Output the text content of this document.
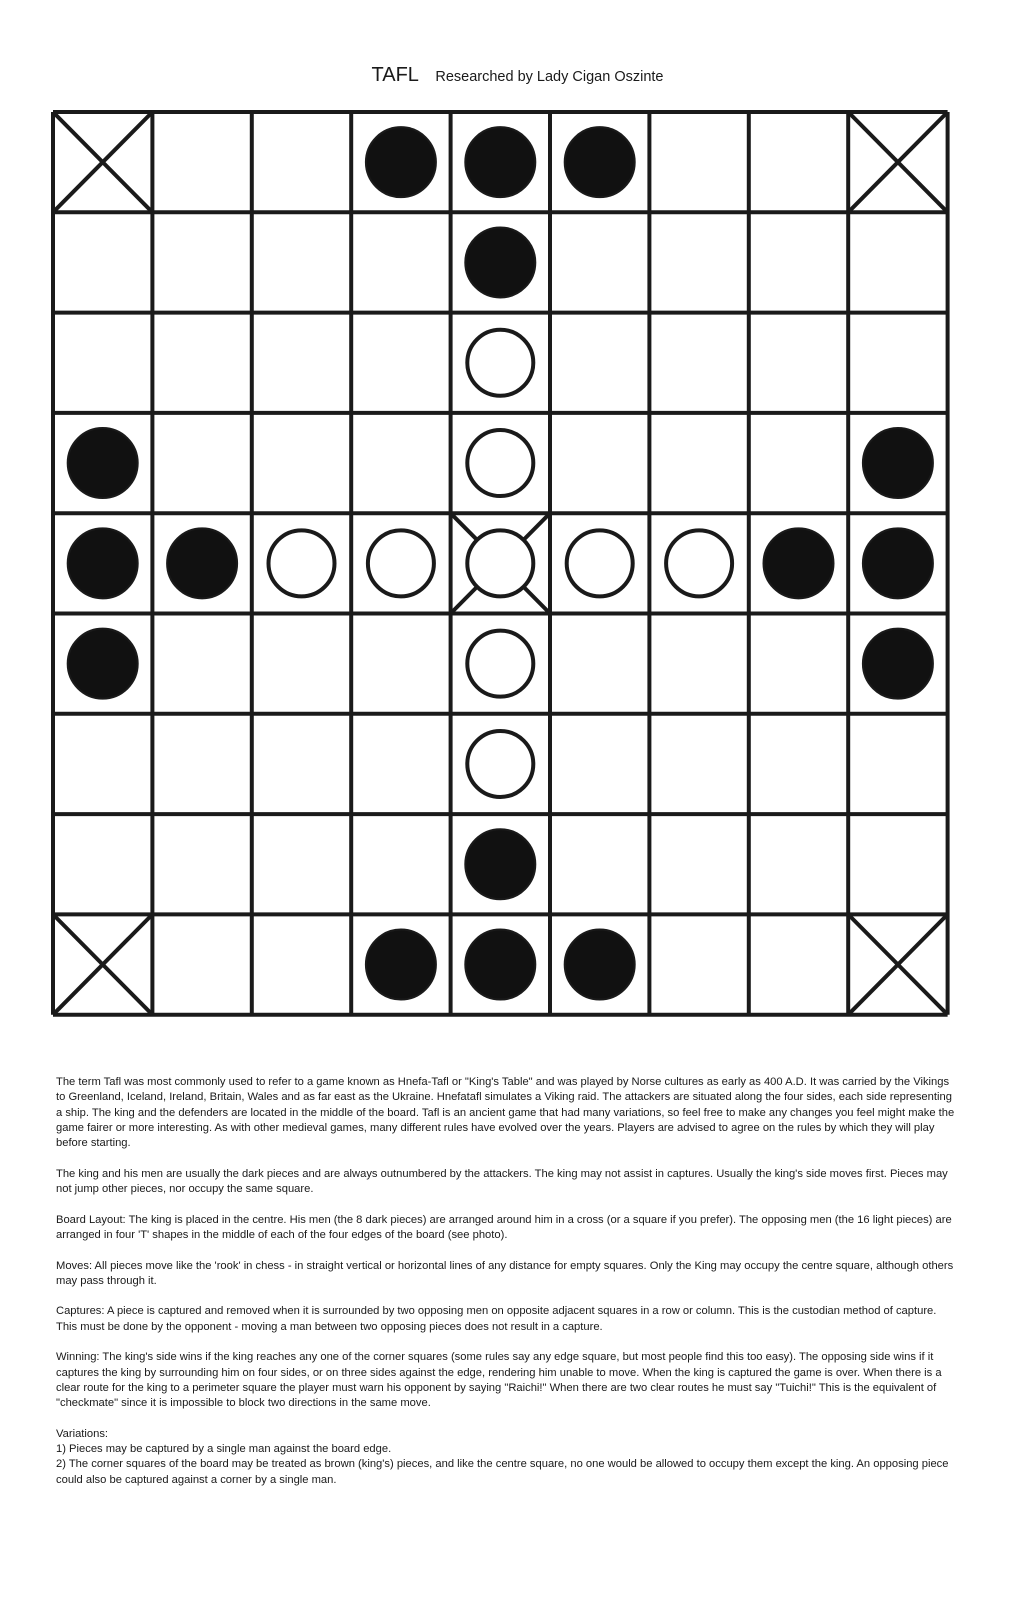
TAFL Researched by Lady Cigan Oszinte

The term Tafl was most commonly used to refer to a game known as Hnefa-Tafl or "King's Table" and was played by Norse cultures as early as 400 A.D. It was carried by the Vikings to Greenland, Iceland, Ireland, Britain, Wales and as far east as the Ukraine. Hnefatafl simulates a Viking raid. The attackers are situated along the four sides, each side representing a ship. The king and the defenders are located in the middle of the board. Tafl is an ancient game that had many variations, so feel free to make any changes you feel might make the game fairer or more interesting. As with other medieval games, many different rules have evolved over the years. Players are advised to agree on the rules by which they will play before starting.

The king and his men are usually the dark pieces and are always outnumbered by the attackers. The king may not assist in captures. Usually the king's side moves first. Pieces may not jump other pieces, nor occupy the same square.

Board Layout: The king is placed in the centre. His men (the 8 dark pieces) are arranged around him in a cross (or a square if you prefer). The opposing men (the 16 light pieces) are arranged in four 'T' shapes in the middle of each of the four edges of the board (see photo).

Moves: All pieces move like the 'rook' in chess - in straight vertical or horizontal lines of any distance for empty squares. Only the King may occupy the centre square, although others may pass through it.

Captures: A piece is captured and removed when it is surrounded by two opposing men on opposite adjacent squares in a row or column. This is the custodian method of capture. This must be done by the opponent - moving a man between two opposing pieces does not result in a capture.

Winning: The king's side wins if the king reaches any one of the corner squares (some rules say any edge square, but most people find this too easy). The opposing side wins if it captures the king by surrounding him on four sides, or on three sides against the edge, rendering him unable to move. When the king is captured the game is over. When there is a clear route for the king to a perimeter square the player must warn his opponent by saying "Raichi!" When there are two clear routes he must say "Tuichi!" This is the equivalent of "checkmate" since it is impossible to block two directions in the same move.

Variations:
1) Pieces may be captured by a single man against the board edge.
2) The corner squares of the board may be treated as brown (king's) pieces, and like the centre square, no one would be allowed to occupy them except the king. An opposing piece could also be captured against a corner by a single man.
